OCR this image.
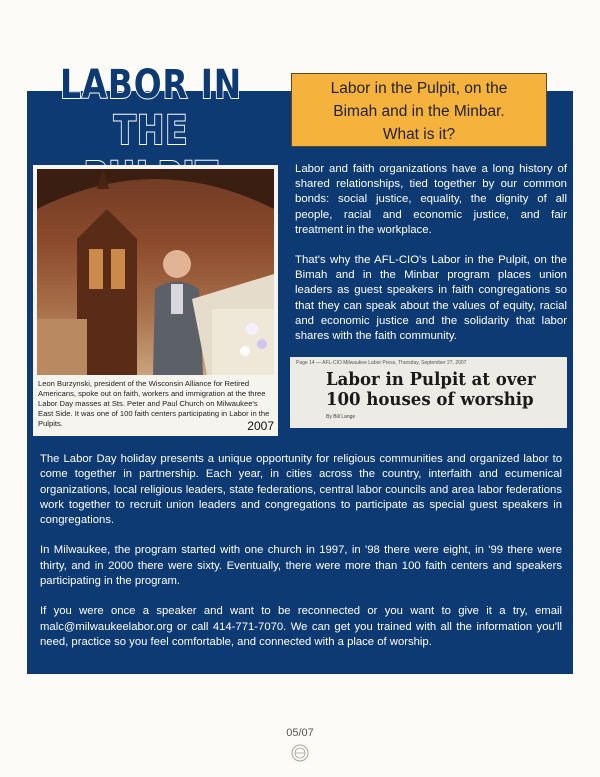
LABOR IN
THE
Labor in the Pulpit, on the
Bimah and in the Minbar.
What is it?
Leon Burzynski, president of the Wisconsin Alliance for Retired Americans, spoke out on faith, workers and immigration at the three Labor Day masses at Sts. Peter and Paul Church on Milwaukee's East Side. It was one of 100 faith centers participating in Labor in the Pulpits.	2007

Labor and faith organizations have a long history of shared relationships, tied together by our common bonds: social justice, equality, the dignity of all people, racial and economic justice, and fair treatment in the workplace.

That's why the AFL-CIO's Labor in the Pulpit, on the Bimah and in the Minbar program places union leaders as guest speakers in faith congregations so that they can speak about the values of equity, racial and economic justice and the solidarity that labor shares with the faith community.

Page 14 — AFL-CIO Milwaukee Labor Press, Thursday, September 27, 2007
Labor in Pulpit at over
100 houses of worship
By Bill Lange

The Labor Day holiday presents a unique opportunity for religious communities and organized labor to come together in partnership. Each year, in cities across the country, interfaith and ecumenical organizations, local religious leaders, state federations, central labor councils and area labor federations work together to recruit union leaders and congregations to participate as special guest speakers in congregations.

In Milwaukee, the program started with one church in 1997, in '98 there were eight, in '99 there were thirty, and in 2000 there were sixty. Eventually, there were more than 100 faith centers and speakers participating in the program.

If you were once a speaker and want to be reconnected or you want to give it a try, email malc@milwaukeelabor.org or call 414-771-7070. We can get you trained with all the information you'll need, practice so you feel comfortable, and connected with a place of worship.

05/07
